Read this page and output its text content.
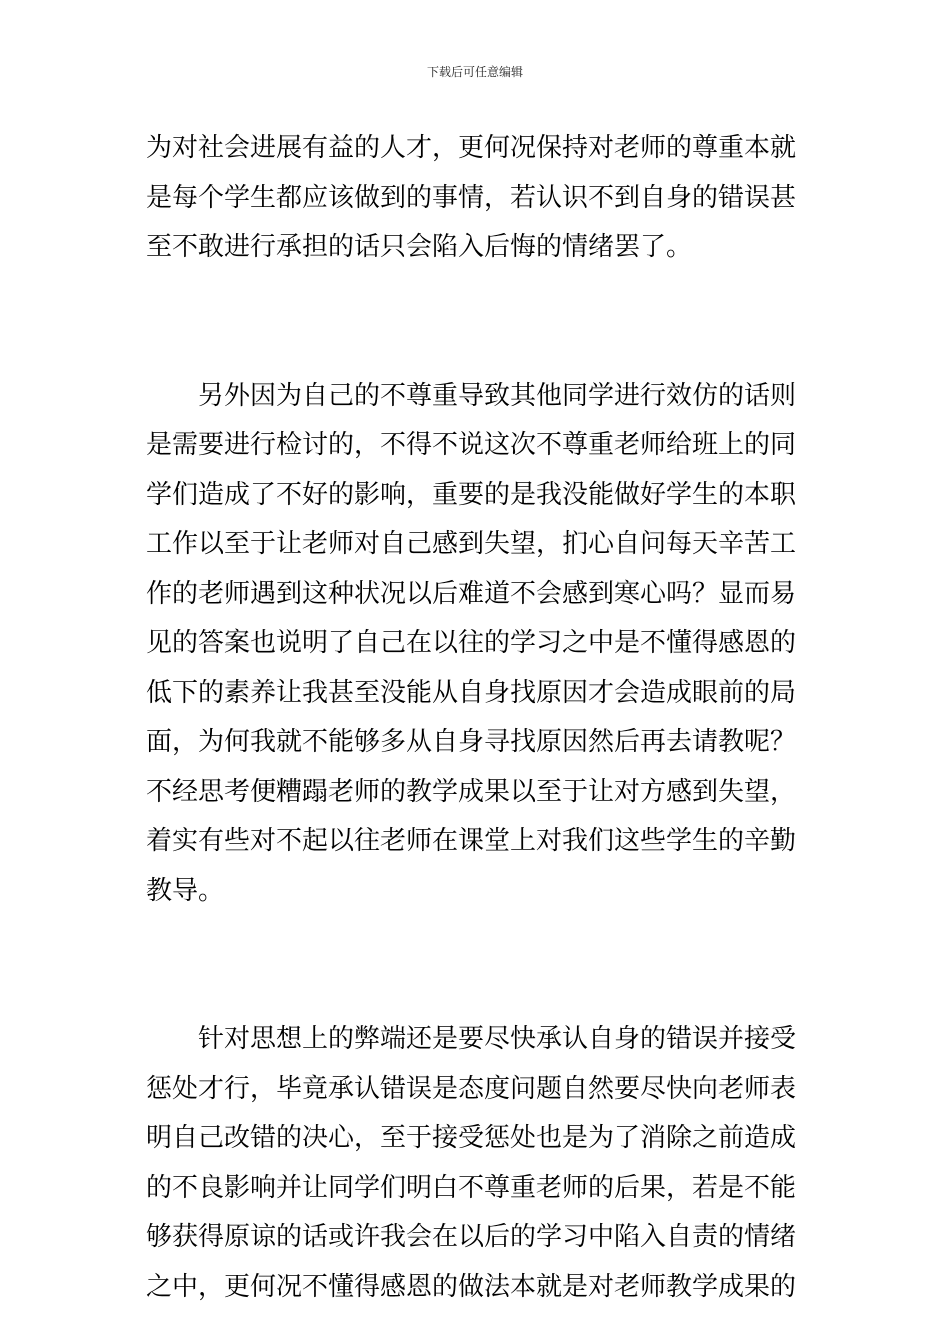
下载后可任意编辑
为对社会进展有益的人才，更何况保持对老师的尊重本就
是每个学生都应该做到的事情，若认识不到自身的错误甚
至不敢进行承担的话只会陷入后悔的情绪罢了。
另外因为自己的不尊重导致其他同学进行效仿的话则
是需要进行检讨的，不得不说这次不尊重老师给班上的同
学们造成了不好的影响，重要的是我没能做好学生的本职
工作以至于让老师对自己感到失望，扪心自问每天辛苦工
作的老师遇到这种状况以后难道不会感到寒心吗？显而易
见的答案也说明了自己在以往的学习之中是不懂得感恩的
低下的素养让我甚至没能从自身找原因才会造成眼前的局
面，为何我就不能够多从自身寻找原因然后再去请教呢？
不经思考便糟蹋老师的教学成果以至于让对方感到失望，
着实有些对不起以往老师在课堂上对我们这些学生的辛勤
教导。
针对思想上的弊端还是要尽快承认自身的错误并接受
惩处才行，毕竟承认错误是态度问题自然要尽快向老师表
明自己改错的决心，至于接受惩处也是为了消除之前造成
的不良影响并让同学们明白不尊重老师的后果，若是不能
够获得原谅的话或许我会在以后的学习中陷入自责的情绪
之中，更何况不懂得感恩的做法本就是对老师教学成果的
